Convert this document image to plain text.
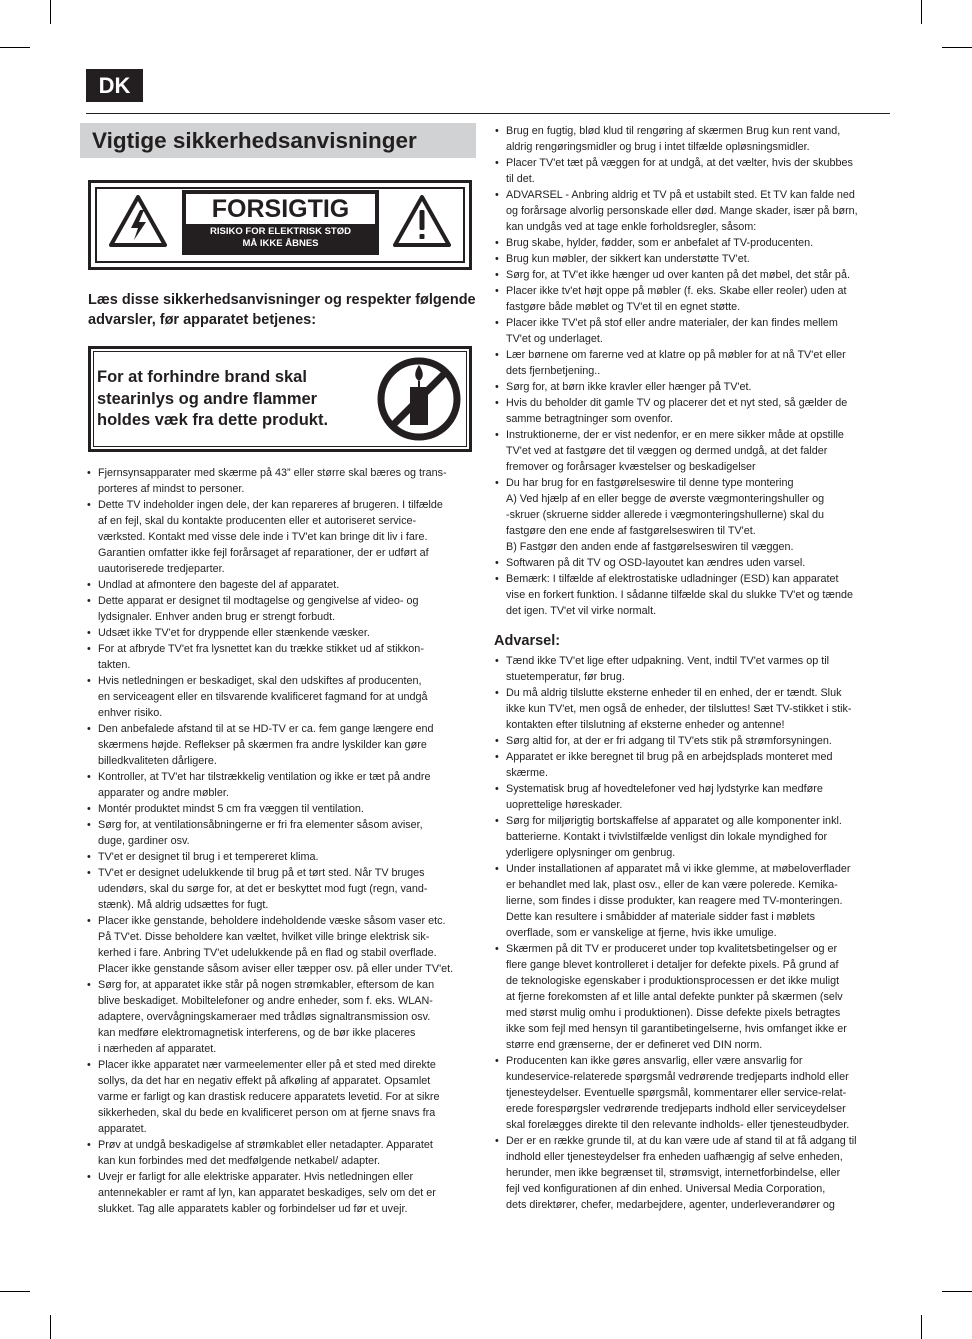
DK
Vigtige sikkerhedsanvisninger
FORSIGTIG
RISIKO FOR ELEKTRISK STØD
MÅ IKKE ÅBNES
Læs disse sikkerhedsanvisninger og respekter følgende advarsler, før apparatet betjenes:
For at forhindre brand skal stearinlys og andre flammer holdes væk fra dette produkt.
• Fjernsynsapparater med skærme på 43” eller større skal bæres og trans-
porteres af mindst to personer.
• Dette TV indeholder ingen dele, der kan repareres af brugeren. I tilfælde
af en fejl, skal du kontakte producenten eller et autoriseret service-
værksted. Kontakt med visse dele inde i TV'et kan bringe dit liv i fare.
Garantien omfatter ikke fejl forårsaget af reparationer, der er udført af
uautoriserede tredjeparter.
• Undlad at afmontere den bageste del af apparatet.
• Dette apparat er designet til modtagelse og gengivelse af video- og
lydsignaler. Enhver anden brug er strengt forbudt.
• Udsæt ikke TV'et for dryppende eller stænkende væsker.
• For at afbryde TV'et fra lysnettet kan du trække stikket ud af stikkon-
takten.
• Hvis netledningen er beskadiget, skal den udskiftes af producenten,
en serviceagent eller en tilsvarende kvalificeret fagmand for at undgå
enhver risiko.
• Den anbefalede afstand til at se HD-TV er ca. fem gange længere end
skærmens højde. Reflekser på skærmen fra andre lyskilder kan gøre
billedkvaliteten dårligere.
• Kontroller, at TV'et har tilstrækkelig ventilation og ikke er tæt på andre
apparater og andre møbler.
• Montér produktet mindst 5 cm fra væggen til ventilation.
• Sørg for, at ventilationsåbningerne er fri fra elementer såsom aviser,
duge, gardiner osv.
• TV'et er designet til brug i et tempereret klima.
• TV'et er designet udelukkende til brug på et tørt sted. Når TV bruges
udendørs, skal du sørge for, at det er beskyttet mod fugt (regn, vand-
stænk). Må aldrig udsættes for fugt.
• Placer ikke genstande, beholdere indeholdende væske såsom vaser etc.
På TV'et. Disse beholdere kan væltet, hvilket ville bringe elektrisk sik-
kerhed i fare. Anbring TV'et udelukkende på en flad og stabil overflade.
Placer ikke genstande såsom aviser eller tæpper osv. på eller under TV'et.
• Sørg for, at apparatet ikke står på nogen strømkabler, eftersom de kan
blive beskadiget. Mobiltelefoner og andre enheder, som f. eks. WLAN-
adaptere, overvågningskameraer med trådløs signaltransmission osv.
kan medføre elektromagnetisk interferens, og de bør ikke placeres
i nærheden af apparatet.
• Placer ikke apparatet nær varmeelementer eller på et sted med direkte
sollys, da det har en negativ effekt på afkøling af apparatet. Opsamlet
varme er farligt og kan drastisk reducere apparatets levetid. For at sikre
sikkerheden, skal du bede en kvalificeret person om at fjerne snavs fra
apparatet.
• Prøv at undgå beskadigelse af strømkablet eller netadapter. Apparatet
kan kun forbindes med det medfølgende netkabel/ adapter.
• Uvejr er farligt for alle elektriske apparater. Hvis netledningen eller
antennekabler er ramt af lyn, kan apparatet beskadiges, selv om det er
slukket. Tag alle apparatets kabler og forbindelser ud før et uvejr.
• Brug en fugtig, blød klud til rengøring af skærmen Brug kun rent vand,
aldrig rengøringsmidler og brug i intet tilfælde opløsningsmidler.
• Placer TV'et tæt på væggen for at undgå, at det vælter, hvis der skubbes
til det.
• ADVARSEL - Anbring aldrig et TV på et ustabilt sted. Et TV kan falde ned
og forårsage alvorlig personskade eller død. Mange skader, især på børn,
kan undgås ved at tage enkle forholdsregler, såsom:
• Brug skabe, hylder, fødder, som er anbefalet af TV-producenten.
• Brug kun møbler, der sikkert kan understøtte TV'et.
• Sørg for, at TV'et ikke hænger ud over kanten på det møbel, det står på.
• Placer ikke tv'et højt oppe på møbler (f. eks. Skabe eller reoler) uden at
fastgøre både møblet og TV'et til en egnet støtte.
• Placer ikke TV'et på stof eller andre materialer, der kan findes mellem
TV'et og underlaget.
• Lær børnene om farerne ved at klatre op på møbler for at nå TV'et eller
dets fjernbetjening..
• Sørg for, at børn ikke kravler eller hænger på TV'et.
• Hvis du beholder dit gamle TV og placerer det et nyt sted, så gælder de
samme betragtninger som ovenfor.
• Instruktionerne, der er vist nedenfor, er en mere sikker måde at opstille
TV'et ved at fastgøre det til væggen og dermed undgå, at det falder
fremover og forårsager kvæstelser og beskadigelser
• Du har brug for en fastgørelseswire til denne type montering
A) Ved hjælp af en eller begge de øverste vægmonteringshuller og
-skruer (skruerne sidder allerede i vægmonteringshullerne) skal du
fastgøre den ene ende af fastgørelseswiren til TV'et.
B) Fastgør den anden ende af fastgørelseswiren til væggen.
• Softwaren på dit TV og OSD-layoutet kan ændres uden varsel.
• Bemærk: I tilfælde af elektrostatiske udladninger (ESD) kan apparatet
vise en forkert funktion. I sådanne tilfælde skal du slukke TV'et og tænde
det igen. TV'et vil virke normalt.
Advarsel:
• Tænd ikke TV'et lige efter udpakning. Vent, indtil TV'et varmes op til
stuetemperatur, før brug.
• Du må aldrig tilslutte eksterne enheder til en enhed, der er tændt. Sluk
ikke kun TV'et, men også de enheder, der tilsluttes! Sæt TV-stikket i stik-
kontakten efter tilslutning af eksterne enheder og antenne!
• Sørg altid for, at der er fri adgang til TV'ets stik på strømforsyningen.
• Apparatet er ikke beregnet til brug på en arbejdsplads monteret med
skærme.
• Systematisk brug af hovedtelefoner ved høj lydstyrke kan medføre
uoprettelige høreskader.
• Sørg for miljørigtig bortskaffelse af apparatet og alle komponenter inkl.
batterierne. Kontakt i tvivlstilfælde venligst din lokale myndighed for
yderligere oplysninger om genbrug.
• Under installationen af apparatet må vi ikke glemme, at møbeloverflader
er behandlet med lak, plast osv., eller de kan være polerede. Kemika-
lierne, som findes i disse produkter, kan reagere med TV-monteringen.
Dette kan resultere i småbidder af materiale sidder fast i møblets
overflade, som er vanskelige at fjerne, hvis ikke umulige.
• Skærmen på dit TV er produceret under top kvalitetsbetingelser og er
flere gange blevet kontrolleret i detaljer for defekte pixels. På grund af
de teknologiske egenskaber i produktionsprocessen er det ikke muligt
at fjerne forekomsten af et lille antal defekte punkter på skærmen (selv
med størst mulig omhu i produktionen). Disse defekte pixels betragtes
ikke som fejl med hensyn til garantibetingelserne, hvis omfanget ikke er
større end grænserne, der er defineret ved DIN norm.
• Producenten kan ikke gøres ansvarlig, eller være ansvarlig for
kundeservice-relaterede spørgsmål vedrørende tredjeparts indhold eller
tjenesteydelser. Eventuelle spørgsmål, kommentarer eller service-relat-
erede forespørgsler vedrørende tredjeparts indhold eller serviceydelser
skal forelægges direkte til den relevante indholds- eller tjenesteudbyder.
• Der er en række grunde til, at du kan være ude af stand til at få adgang til
indhold eller tjenesteydelser fra enheden uafhængig af selve enheden,
herunder, men ikke begrænset til, strømsvigt, internetforbindelse, eller
fejl ved konfigurationen af din enhed. Universal Media Corporation,
dets direktører, chefer, medarbejdere, agenter, underleverandører og
